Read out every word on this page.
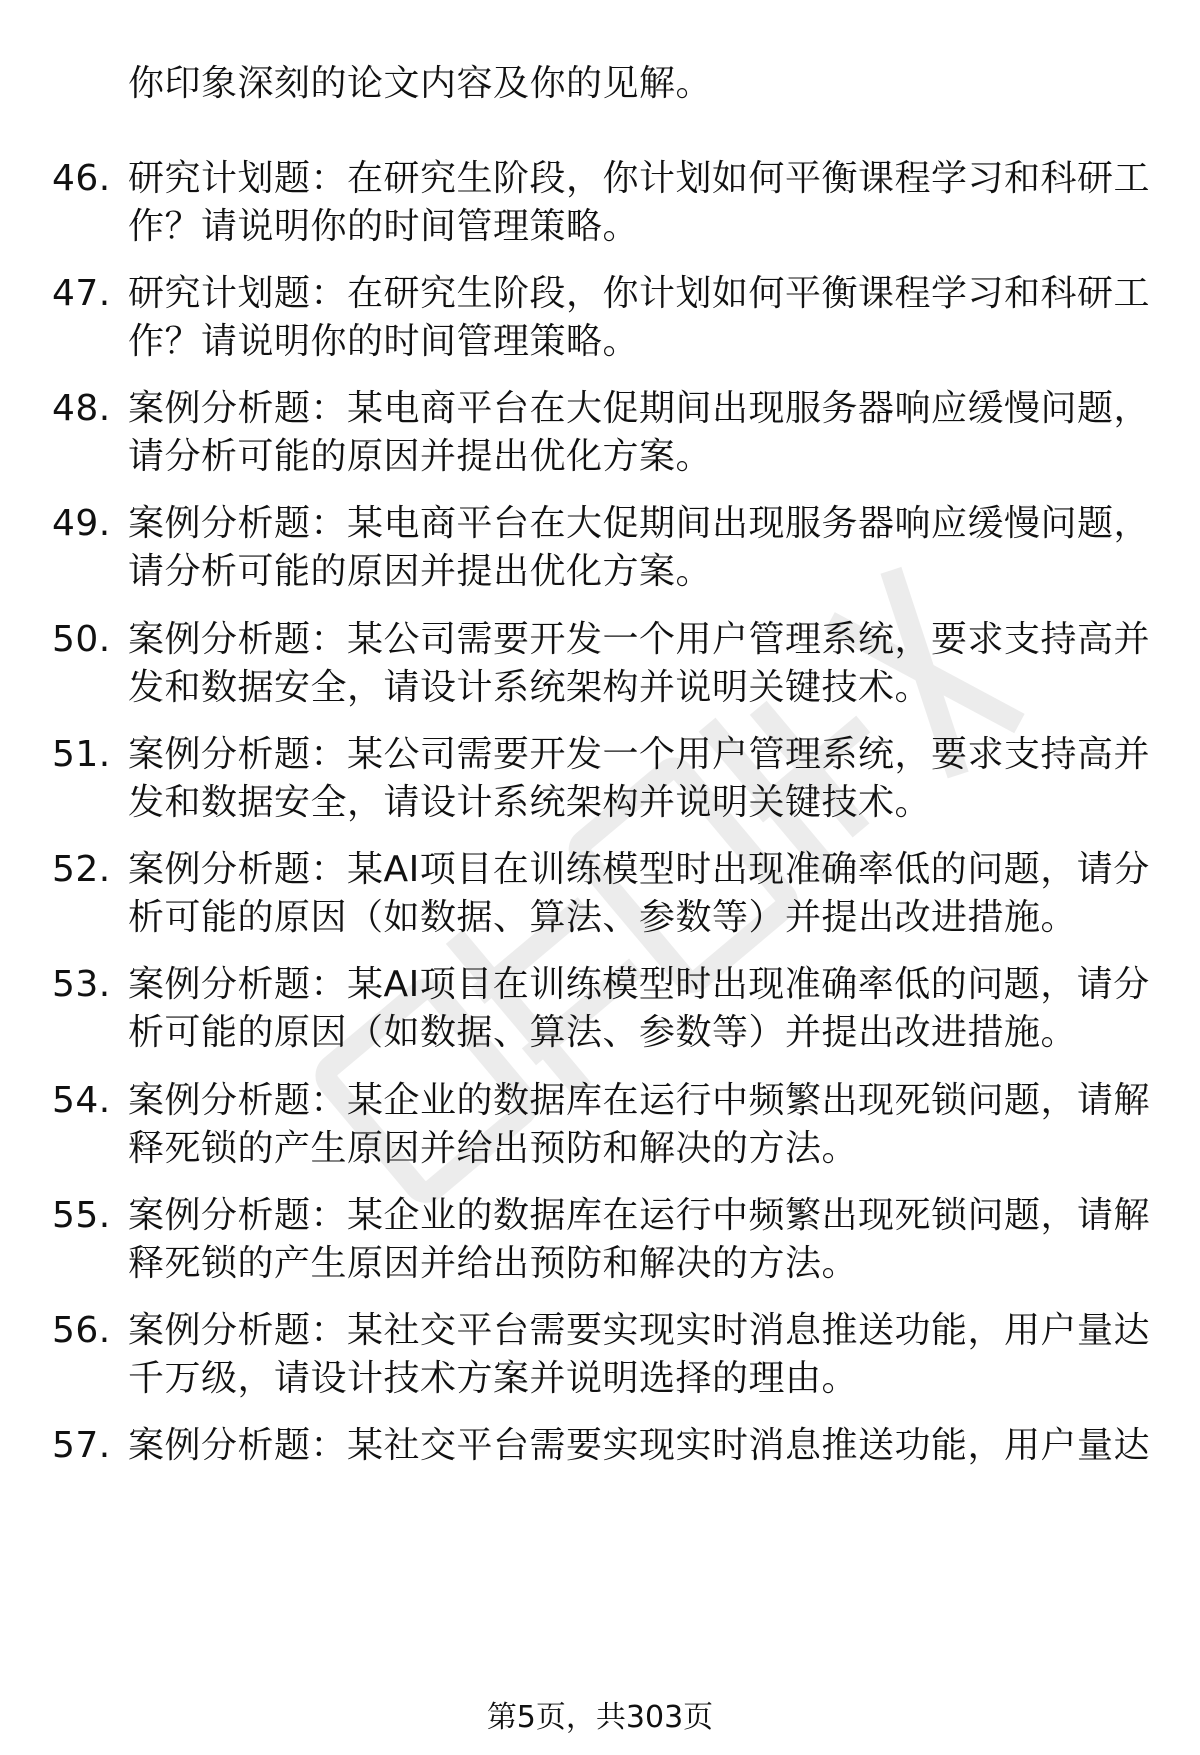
你印象深刻的论文内容及你的见解。
46. 研究计划题：在研究生阶段，你计划如何平衡课程学习和科研工
作？请说明你的时间管理策略。
47. 研究计划题：在研究生阶段，你计划如何平衡课程学习和科研工
作？请说明你的时间管理策略。
48. 案例分析题：某电商平台在大促期间出现服务器响应缓慢问题，
请分析可能的原因并提出优化方案。
49. 案例分析题：某电商平台在大促期间出现服务器响应缓慢问题，
请分析可能的原因并提出优化方案。
50. 案例分析题：某公司需要开发一个用户管理系统，要求支持高并
发和数据安全，请设计系统架构并说明关键技术。
51. 案例分析题：某公司需要开发一个用户管理系统，要求支持高并
发和数据安全，请设计系统架构并说明关键技术。
52. 案例分析题：某AI项目在训练模型时出现准确率低的问题，请分
析可能的原因（如数据、算法、参数等）并提出改进措施。
53. 案例分析题：某AI项目在训练模型时出现准确率低的问题，请分
析可能的原因（如数据、算法、参数等）并提出改进措施。
54. 案例分析题：某企业的数据库在运行中频繁出现死锁问题，请解
释死锁的产生原因并给出预防和解决的方法。
55. 案例分析题：某企业的数据库在运行中频繁出现死锁问题，请解
释死锁的产生原因并给出预防和解决的方法。
56. 案例分析题：某社交平台需要实现实时消息推送功能，用户量达
千万级，请设计技术方案并说明选择的理由。
57. 案例分析题：某社交平台需要实现实时消息推送功能，用户量达
第5页，共303页
